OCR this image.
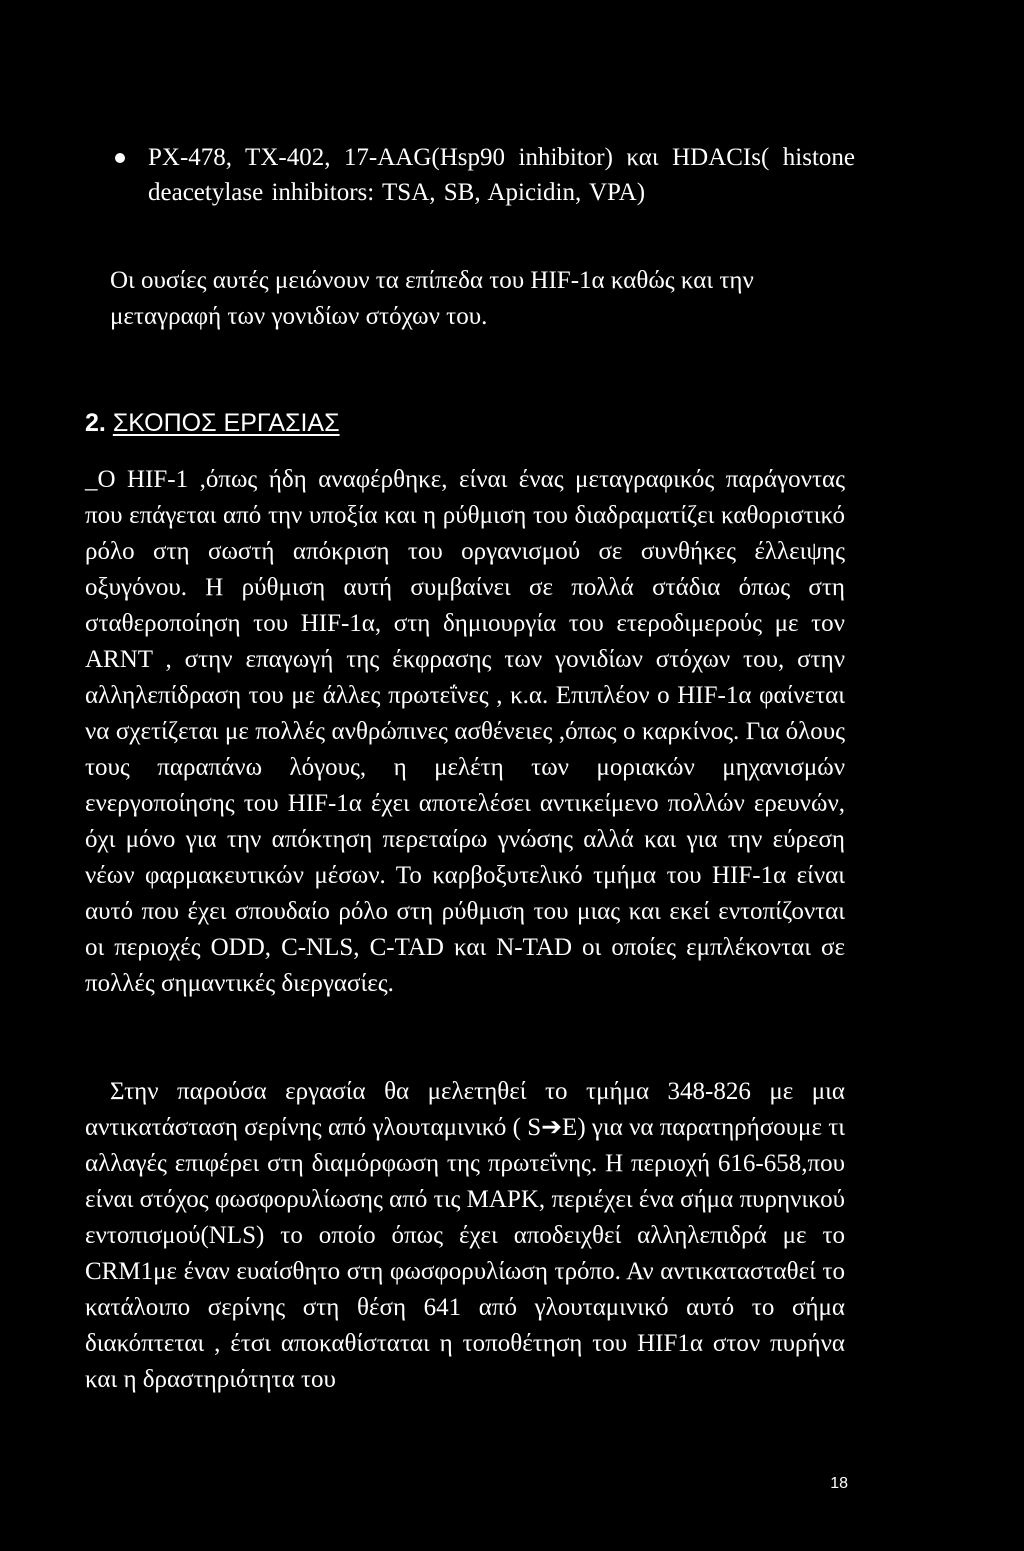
PX-478, TX-402, 17-AAG(Hsp90 inhibitor) και HDACIs( histone deacetylase inhibitors: TSA, SB, Apicidin, VPA)

Οι ουσίες αυτές μειώνουν τα επίπεδα του HIF-1α καθώς και την μεταγραφή των γονιδίων στόχων του.

2. ΣΚΟΠΟΣ ΕΡΓΑΣΙΑΣ

_Ο HIF-1 ,όπως ήδη αναφέρθηκε, είναι ένας μεταγραφικός παράγοντας που επάγεται από την υποξία και η ρύθμιση του διαδραματίζει καθοριστικό ρόλο στη σωστή απόκριση του οργανισμού σε συνθήκες έλλειψης οξυγόνου. Η ρύθμιση αυτή συμβαίνει σε πολλά στάδια όπως στη σταθεροποίηση του HIF-1α, στη δημιουργία του ετεροδιμερούς με τον ARNT , στην επαγωγή της έκφρασης των γονιδίων στόχων του, στην αλληλεπίδραση του με άλλες πρωτεΐνες , κ.α. Επιπλέον ο HIF-1α φαίνεται να σχετίζεται με πολλές ανθρώπινες ασθένειες ,όπως ο καρκίνος. Για όλους τους παραπάνω λόγους, η μελέτη των μοριακών μηχανισμών ενεργοποίησης του HIF-1α έχει αποτελέσει αντικείμενο πολλών ερευνών, όχι μόνο για την απόκτηση περεταίρω γνώσης αλλά και για την εύρεση νέων φαρμακευτικών μέσων. Το καρβοξυτελικό τμήμα του HIF-1α είναι αυτό που έχει σπουδαίο ρόλο στη ρύθμιση του μιας και εκεί εντοπίζονται οι περιοχές ODD, C-NLS, C-TAD και N-TAD οι οποίες εμπλέκονται σε πολλές σημαντικές διεργασίες.

Στην παρούσα εργασία θα μελετηθεί το τμήμα 348-826 με μια αντικατάσταση σερίνης από γλουταμινικό ( S➔E) για να παρατηρήσουμε τι αλλαγές επιφέρει στη διαμόρφωση της πρωτεΐνης. Η περιοχή 616-658,που είναι στόχος φωσφορυλίωσης από τις MAPK, περιέχει ένα σήμα πυρηνικού εντοπισμού(NLS) το οποίο όπως έχει αποδειχθεί αλληλεπιδρά με το CRM1με έναν ευαίσθητο στη φωσφορυλίωση τρόπο. Αν αντικατασταθεί το κατάλοιπο σερίνης στη θέση 641 από γλουταμινικό αυτό το σήμα διακόπτεται , έτσι αποκαθίσταται η τοποθέτηση του HIF1α στον πυρήνα και η δραστηριότητα του

18
